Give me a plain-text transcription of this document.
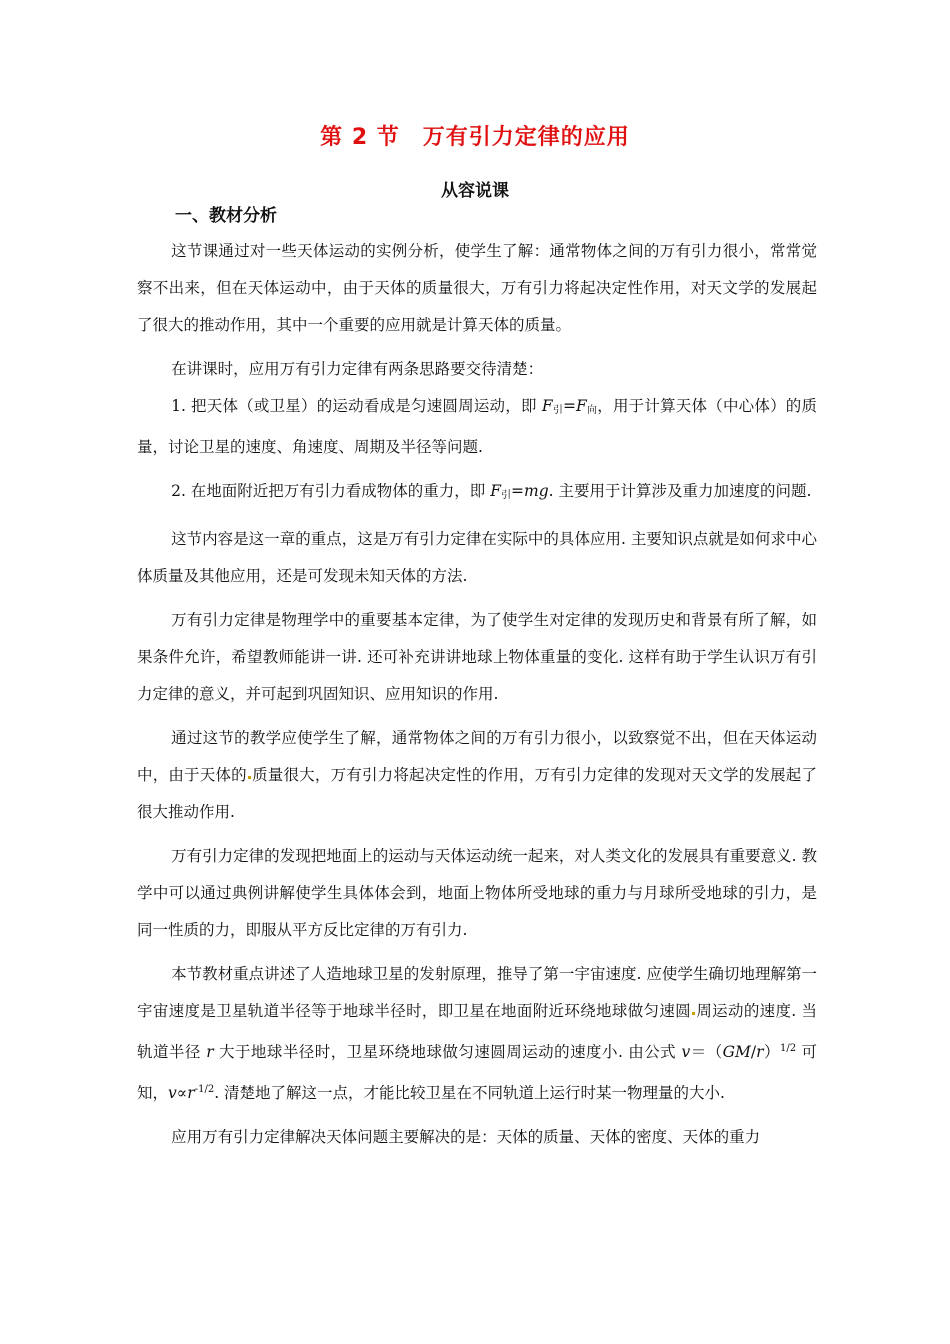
第 2 节　万有引力定律的应用
从容说课
一、教材分析

这节课通过对一些天体运动的实例分析，使学生了解：通常物体之间的万有引力很小，常常觉察不出来，但在天体运动中，由于天体的质量很大，万有引力将起决定性作用，对天文学的发展起了很大的推动作用，其中一个重要的应用就是计算天体的质量。

在讲课时，应用万有引力定律有两条思路要交待清楚：

1. 把天体（或卫星）的运动看成是匀速圆周运动，即 $F_引=F_向$，用于计算天体（中心体）的质量，讨论卫星的速度、角速度、周期及半径等问题.

2. 在地面附近把万有引力看成物体的重力，即 $F_引=mg$. 主要用于计算涉及重力加速度的问题.

这节内容是这一章的重点，这是万有引力定律在实际中的具体应用. 主要知识点就是如何求中心体质量及其他应用，还是可发现未知天体的方法.

万有引力定律是物理学中的重要基本定律，为了使学生对定律的发现历史和背景有所了解，如果条件允许，希望教师能讲一讲. 还可补充讲讲地球上物体重量的变化. 这样有助于学生认识万有引力定律的意义，并可起到巩固知识、应用知识的作用.

通过这节的教学应使学生了解，通常物体之间的万有引力很小，以致察觉不出，但在天体运动中，由于天体的 质量很大，万有引力将起决定性的作用，万有引力定律的发现对天文学的发展起了很大推动作用.

万有引力定律的发现把地面上的运动与天体运动统一起来，对人类文化的发展具有重要意义. 教学中可以通过典例讲解使学生具体体会到，地面上物体所受地球的重力与月球所受地球的引力，是同一性质的力，即服从平方反比定律的万有引力.

本节教材重点讲述了人造地球卫星的发射原理，推导了第一宇宙速度. 应使学生确切地理解第一宇宙速度是卫星轨道半径等于地球半径时，即卫星在地面附近环绕地球做匀速圆 周运动的速度. 当轨道半径 r 大于地球半径时，卫星环绕地球做匀速圆周运动的速度小. 由公式 $v=(GM/r)^{1/2}$ 可知，$v\propto r^{-1/2}$. 清楚地了解这一点，才能比较卫星在不同轨道上运行时某一物理量的大小.

应用万有引力定律解决天体问题主要解决的是：天体的质量、天体的密度、天体的重力
